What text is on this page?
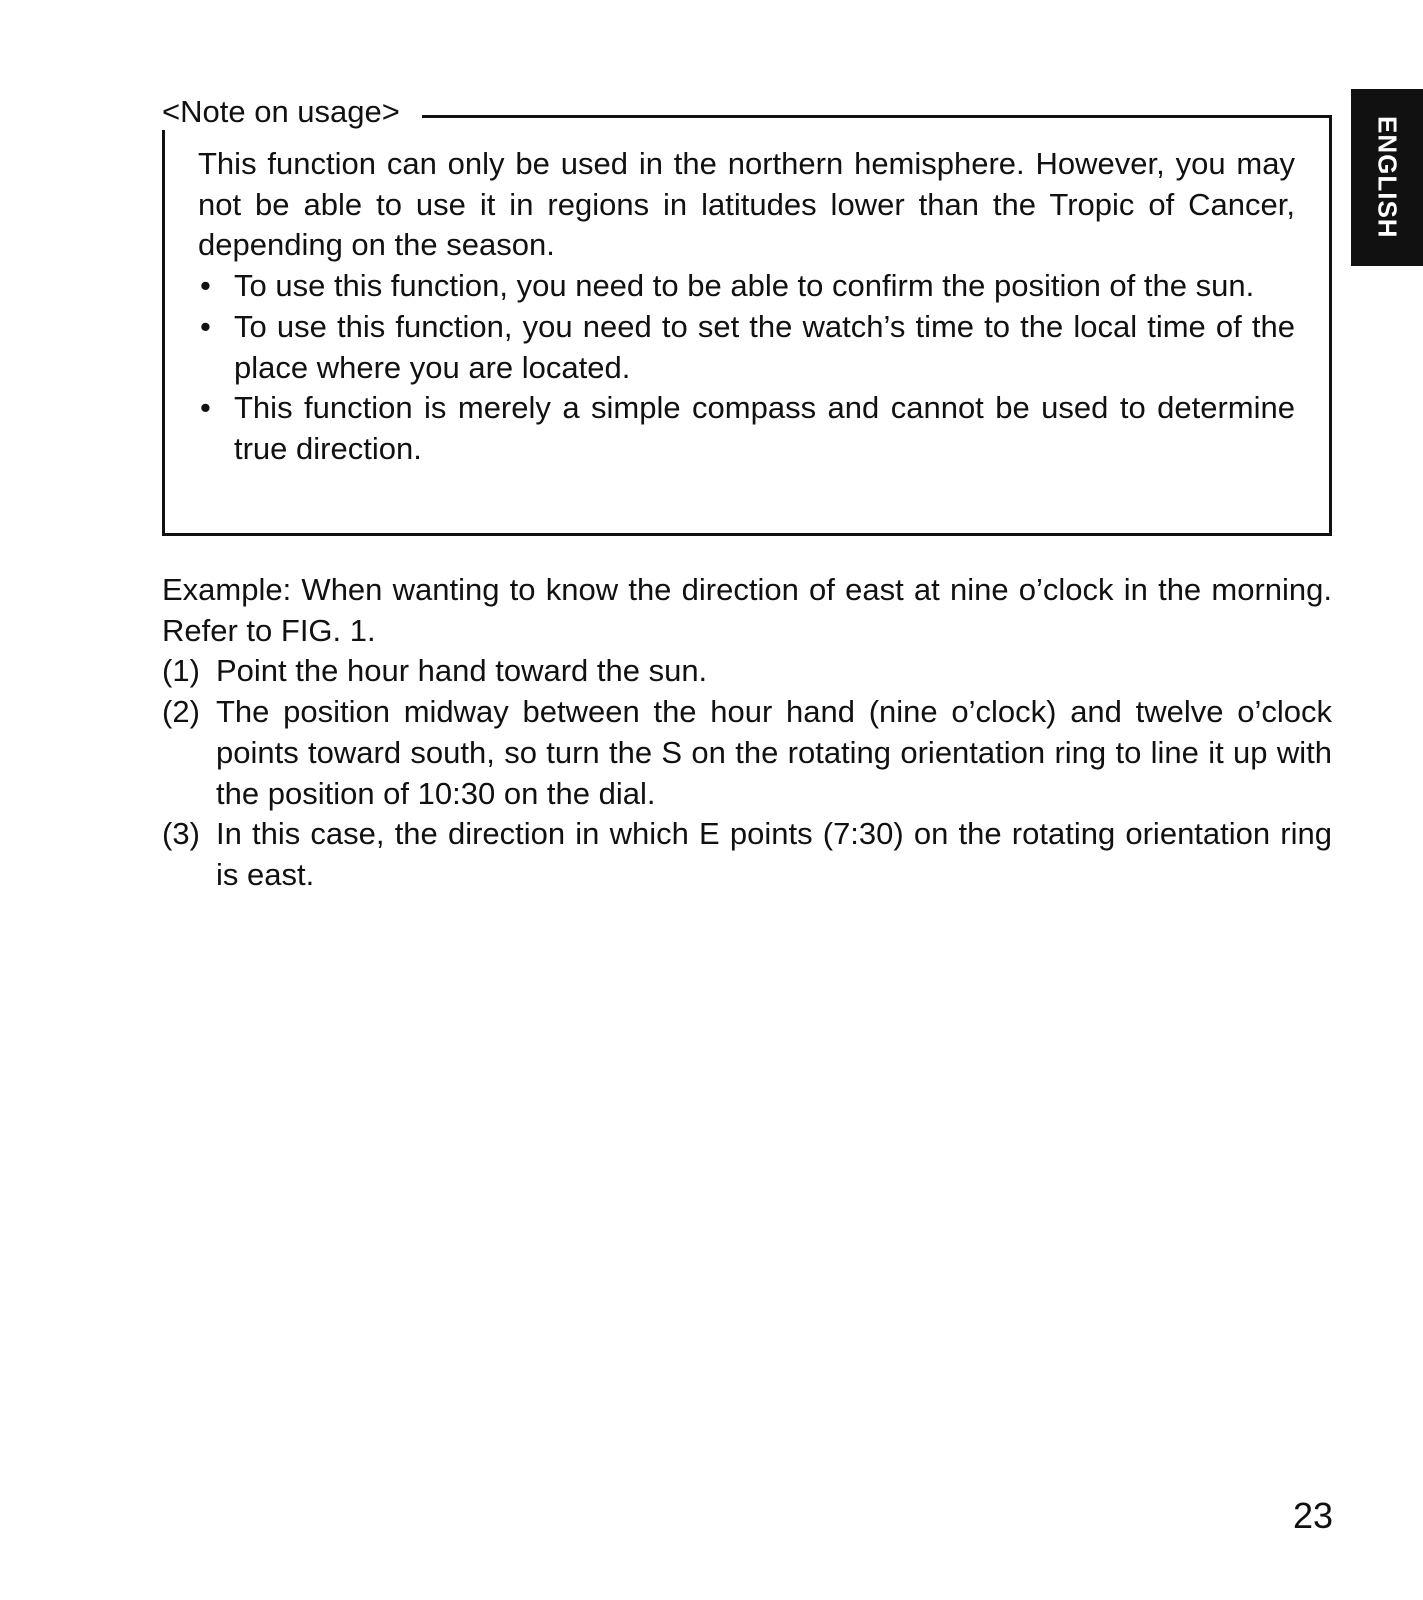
ENGLISH
<Note on usage>

This function can only be used in the northern hemisphere. However, you may not be able to use it in regions in latitudes lower than the Tropic of Cancer, depending on the season.

• To use this function, you need to be able to confirm the position of the sun.
• To use this function, you need to set the watch’s time to the local time of the place where you are located.
• This function is merely a simple compass and cannot be used to determine true direction.

Example: When wanting to know the direction of east at nine o’clock in the morning. Refer to FIG. 1.

(1) Point the hour hand toward the sun.
(2) The position midway between the hour hand (nine o’clock) and twelve o’clock points toward south, so turn the S on the rotating orientation ring to line it up with the position of 10:30 on the dial.
(3) In this case, the direction in which E points (7:30) on the rotating orientation ring is east.
23
